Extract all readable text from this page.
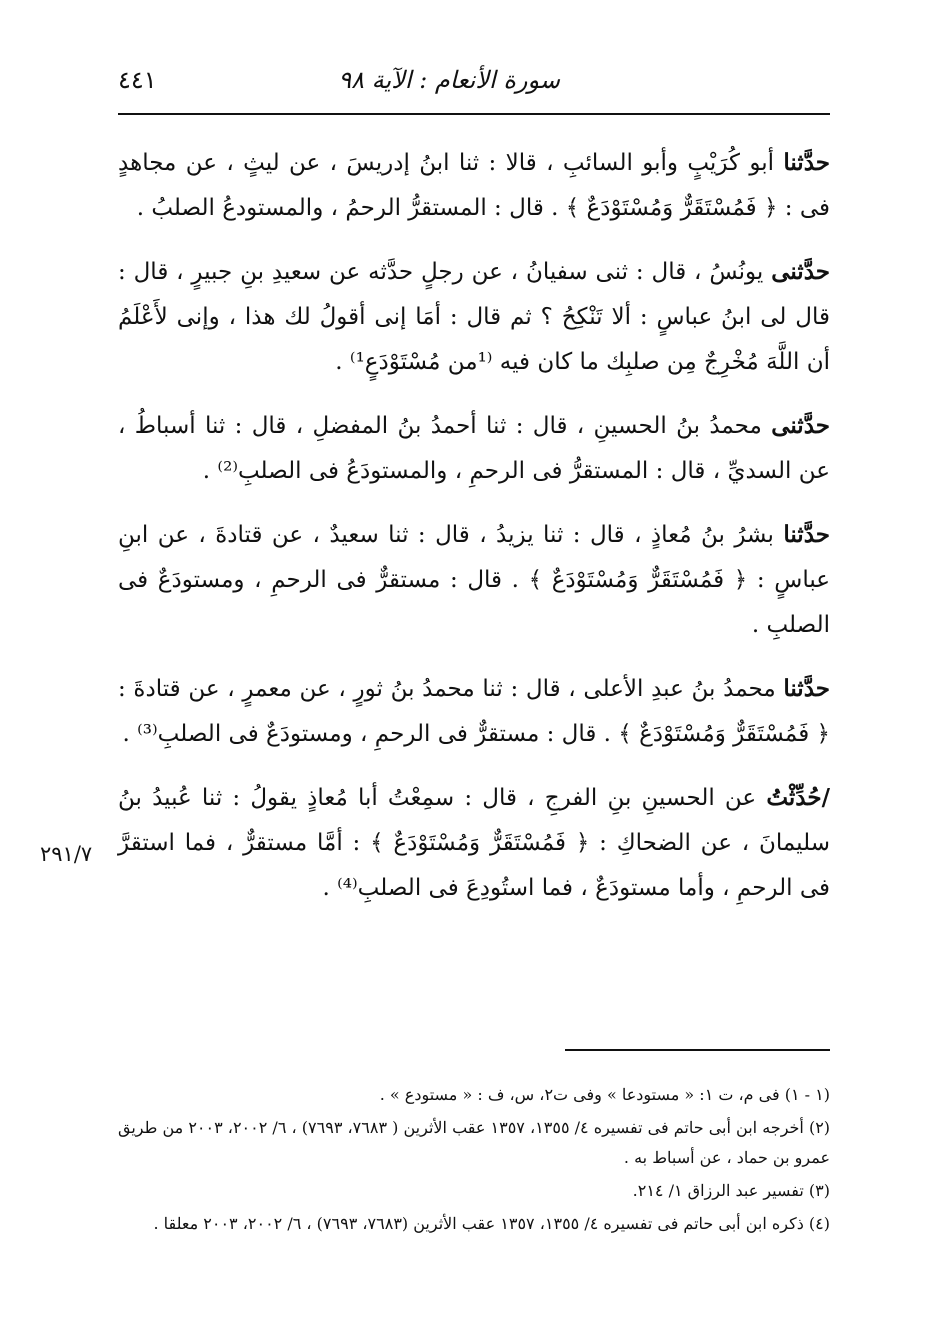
سورة الأنعام : الآية ٩٨
٤٤١

حدَّثنا أبو كُرَيْبٍ وأبو السائبِ ، قالا : ثنا ابنُ إدريسَ ، عن ليثٍ ، عن مجاهدٍ فى : ﴿ فَمُسْتَقَرٌّ وَمُسْتَوْدَعٌ ﴾ . قال : المستقرُّ الرحمُ ، والمستودعُ الصلبُ .

حدَّثنى يونُسُ ، قال : ثنى سفيانُ ، عن رجلٍ حدَّثه عن سعيدِ بنِ جبيرٍ ، قال : قال لى ابنُ عباسٍ : ألا تَنْكِحُ ؟ ثم قال : أمَا إنى أقولُ لك هذا ، وإنى لأَعْلَمُ أن اللَّهَ مُخْرِجٌ مِن صلبِك ما كان فيه ⁽¹من مُسْتَوْدَعٍ¹⁾ .

حدَّثنى محمدُ بنُ الحسينِ ، قال : ثنا أحمدُ بنُ المفضلِ ، قال : ثنا أسباطُ ، عن السديِّ ، قال : المستقرُّ فى الرحمِ ، والمستودَعُ فى الصلبِ⁽²⁾ .

حدَّثنا بشرُ بنُ مُعاذٍ ، قال : ثنا يزيدُ ، قال : ثنا سعيدٌ ، عن قتادةَ ، عن ابنِ عباسٍ : ﴿ فَمُسْتَقَرٌّ وَمُسْتَوْدَعٌ ﴾ . قال : مستقرٌّ فى الرحمِ ، ومستودَعٌ فى الصلبِ .

حدَّثنا محمدُ بنُ عبدِ الأعلى ، قال : ثنا محمدُ بنُ ثورٍ ، عن معمرٍ ، عن قتادةَ : ﴿ فَمُسْتَقَرٌّ وَمُسْتَوْدَعٌ ﴾ . قال : مستقرٌّ فى الرحمِ ، ومستودَعٌ فى الصلبِ⁽³⁾ .

/حُدِّثْتُ عن الحسينِ بنِ الفرجِ ، قال : سمِعْتُ أبا مُعاذٍ يقولُ : ثنا عُبيدُ بنُ سليمانَ ، عن الضحاكِ : ﴿ فَمُسْتَقَرٌّ وَمُسْتَوْدَعٌ ﴾ : أمَّا مستقرٌّ ، فما استقرَّ فى الرحمِ ، وأما مستودَعٌ ، فما استُودِعَ فى الصلبِ⁽⁴⁾ .

٢٩١/٧

(١ - ١) فى م، ت ١: « مستودعا » وفى ت٢، س، ف : « مستودع » .

(٢) أخرجه ابن أبى حاتم فى تفسيره ٤/ ١٣٥٥، ١٣٥٧ عقب الأثرين ( ٧٦٨٣، ٧٦٩٣) ، ٦/ ٢٠٠٢، ٢٠٠٣ من طريق عمرو بن حماد ، عن أسباط به .

(٣) تفسير عبد الرزاق ١/ ٢١٤.

(٤) ذكره ابن أبى حاتم فى تفسيره ٤/ ١٣٥٥، ١٣٥٧ عقب الأثرين (٧٦٨٣، ٧٦٩٣) ، ٦/ ٢٠٠٢، ٢٠٠٣ معلقا .
